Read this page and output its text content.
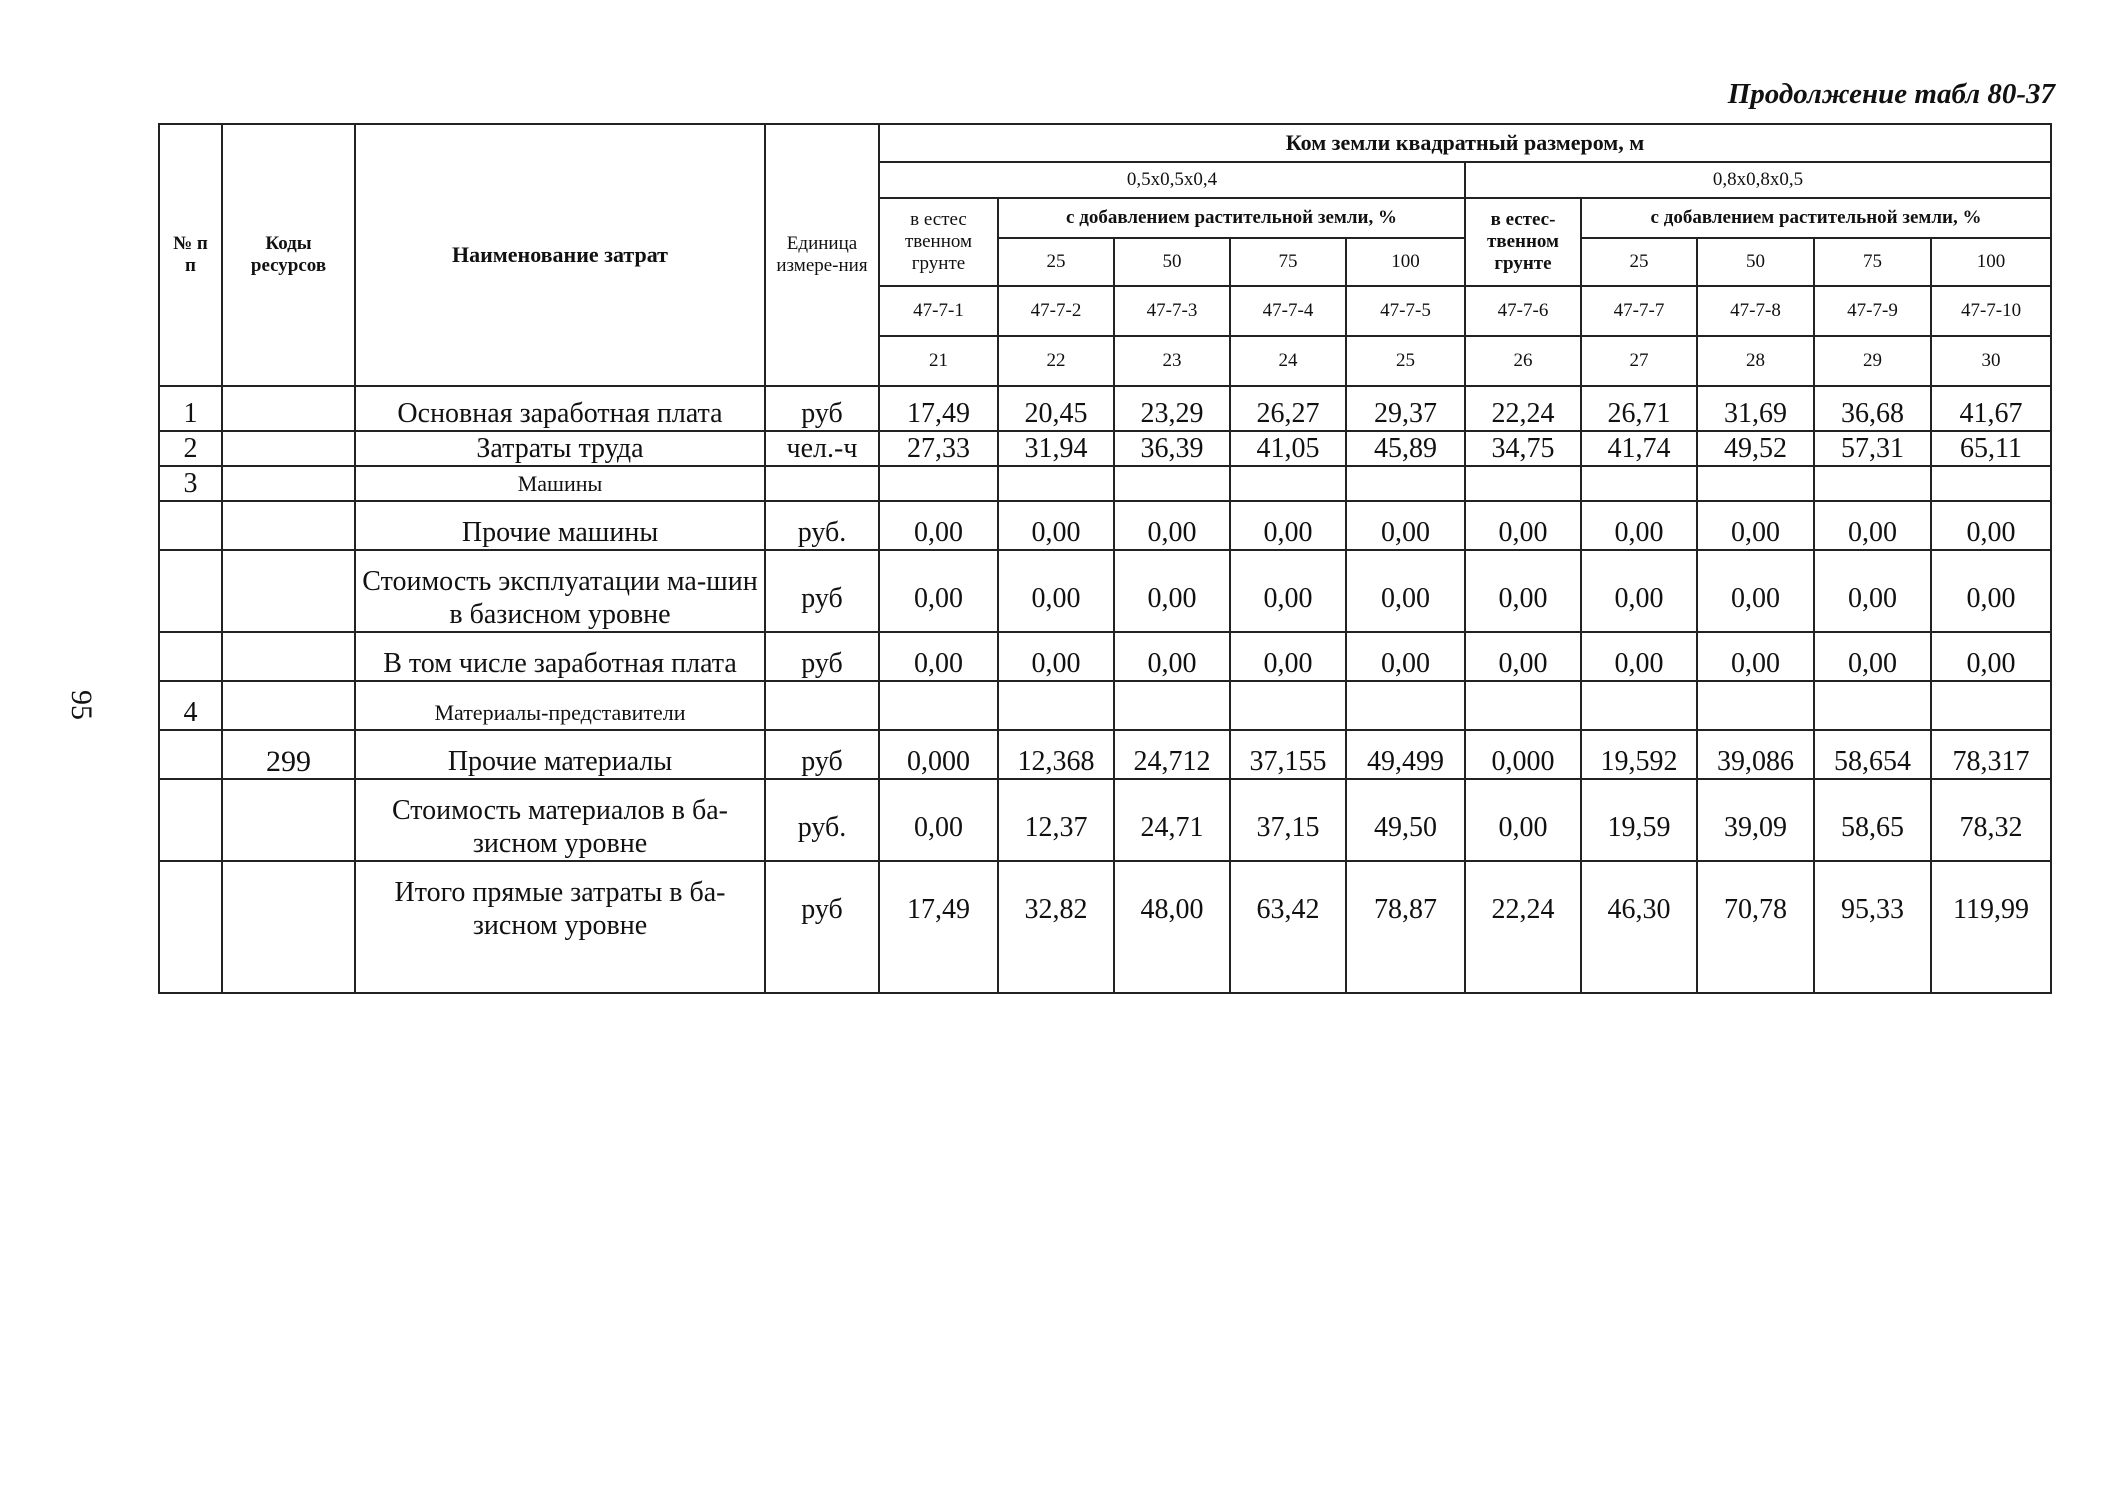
95
Продолжение табл 80-37
№ п п	Коды ресурсов	Наименование затрат	Единица измере-ния	Ком земли квадратный размером, м									
				0,5х0,5х0,4					0,8х0,8х0,5				
				в естес твенном грунте	с добавлением растительной земли, %				в естес-твенном грунте	с добавлением растительной земли, %			
					25	50	75	100		25	50	75	100
				47-7-1	47-7-2	47-7-3	47-7-4	47-7-5	47-7-6	47-7-7	47-7-8	47-7-9	47-7-10
				21	22	23	24	25	26	27	28	29	30
1		Основная заработная плата	руб	17,49	20,45	23,29	26,27	29,37	22,24	26,71	31,69	36,68	41,67
2		Затраты труда	чел.-ч	27,33	31,94	36,39	41,05	45,89	34,75	41,74	49,52	57,31	65,11
3		Машины											
		Прочие машины	руб.	0,00	0,00	0,00	0,00	0,00	0,00	0,00	0,00	0,00	0,00
		Стоимость эксплуатации ма-шин в базисном уровне	руб	0,00	0,00	0,00	0,00	0,00	0,00	0,00	0,00	0,00	0,00
		В том числе заработная плата	руб	0,00	0,00	0,00	0,00	0,00	0,00	0,00	0,00	0,00	0,00
4		Материалы-представители											
	299	Прочие материалы	руб	0,000	12,368	24,712	37,155	49,499	0,000	19,592	39,086	58,654	78,317
		Стоимость материалов в ба-зисном уровне	руб.	0,00	12,37	24,71	37,15	49,50	0,00	19,59	39,09	58,65	78,32
		Итого прямые затраты в ба-зисном уровне	руб	17,49	32,82	48,00	63,42	78,87	22,24	46,30	70,78	95,33	119,99
